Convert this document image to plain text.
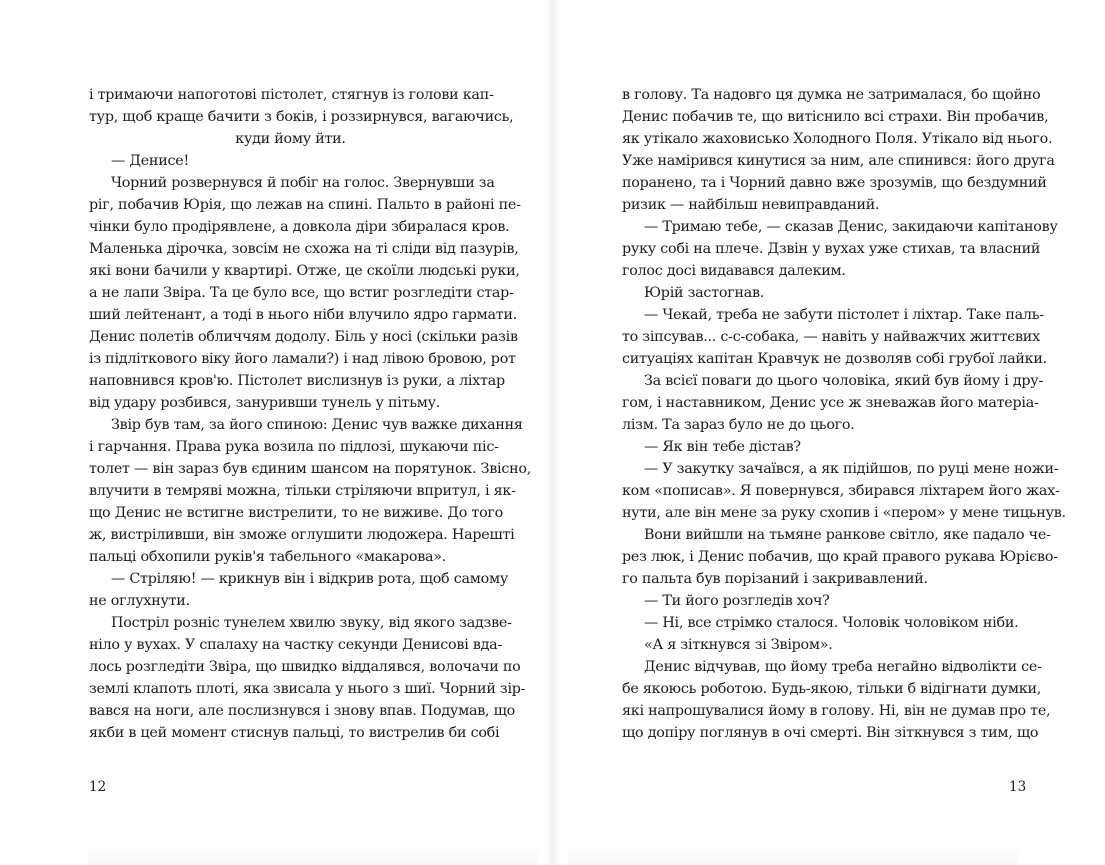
і тримаючи напоготові пістолет, стягнув із голови кап-
тур, щоб краще бачити з боків, і роззирнувся, вагаючись,
куди йому йти.
— Денисе!
Чорний розвернувся й побіг на голос. Звернувши за
ріг, побачив Юрія, що лежав на спині. Пальто в районі пе-
чінки було продірявлене, а довкола діри збиралася кров.
Маленька дірочка, зовсім не схожа на ті сліди від пазурів,
які вони бачили у квартирі. Отже, це скоїли людські руки,
а не лапи Звіра. Та це було все, що встиг розгледіти стар-
ший лейтенант, а тоді в нього ніби влучило ядро гармати.
Денис полетів обличчям додолу. Біль у носі (скільки разів
із підліткового віку його ламали?) і над лівою бровою, рот
наповнився кров'ю. Пістолет вислизнув із руки, а ліхтар
від удару розбився, зануривши тунель у пітьму.
Звір був там, за його спиною: Денис чув важке дихання
і гарчання. Права рука возила по підлозі, шукаючи піс-
толет — він зараз був єдиним шансом на порятунок. Звісно,
влучити в темряві можна, тільки стріляючи впритул, і як-
що Денис не встигне вистрелити, то не виживе. До того
ж, вистріливши, він зможе оглушити людожера. Нарешті
пальці обхопили руків'я табельного «макарова».
— Стріляю! — крикнув він і відкрив рота, щоб самому
не оглухнути.
Постріл розніс тунелем хвилю звуку, від якого задзве-
ніло у вухах. У спалаху на частку секунди Денисові вда-
лось розгледіти Звіра, що швидко віддалявся, волочачи по
землі клапоть плоті, яка звисала у нього з шиї. Чорний зір-
вався на ноги, але послизнувся і знову впав. Подумав, що
якби в цей момент стиснув пальці, то вистрелив би собі
12
в голову. Та надовго ця думка не затрималася, бо щойно
Денис побачив те, що витіснило всі страхи. Він пробачив,
як утікало жаховисько Холодного Поля. Утікало від нього.
Уже намірився кинутися за ним, але спинився: його друга
поранено, та і Чорний давно вже зрозумів, що бездумний
ризик — найбільш невиправданий.
— Тримаю тебе, — сказав Денис, закидаючи капітанову
руку собі на плече. Дзвін у вухах уже стихав, та власний
голос досі видавався далеким.
Юрій застогнав.
— Чекай, треба не забути пістолет і ліхтар. Таке паль-
то зіпсував... с-с-собака, — навіть у найважчих життєвих
ситуаціях капітан Кравчук не дозволяв собі грубої лайки.
За всієї поваги до цього чоловіка, який був йому і дру-
гом, і наставником, Денис усе ж зневажав його матеріа-
лізм. Та зараз було не до цього.
— Як він тебе дістав?
— У закутку зачаївся, а як підійшов, по руці мене ножи-
ком «пописав». Я повернувся, збирався ліхтарем його жах-
нути, але він мене за руку схопив і «пером» у мене тицьнув.
Вони вийшли на тьмяне ранкове світло, яке падало че-
рез люк, і Денис побачив, що край правого рукава Юрієво-
го пальта був порізаний і закривавлений.
— Ти його розгледів хоч?
— Ні, все стрімко сталося. Чоловік чоловіком ніби.
«А я зіткнувся зі Звіром».
Денис відчував, що йому треба негайно відволікти се-
бе якоюсь роботою. Будь-якою, тільки б відігнати думки,
які напрошувалися йому в голову. Ні, він не думав про те,
що допіру поглянув в очі смерті. Він зіткнувся з тим, що
13
